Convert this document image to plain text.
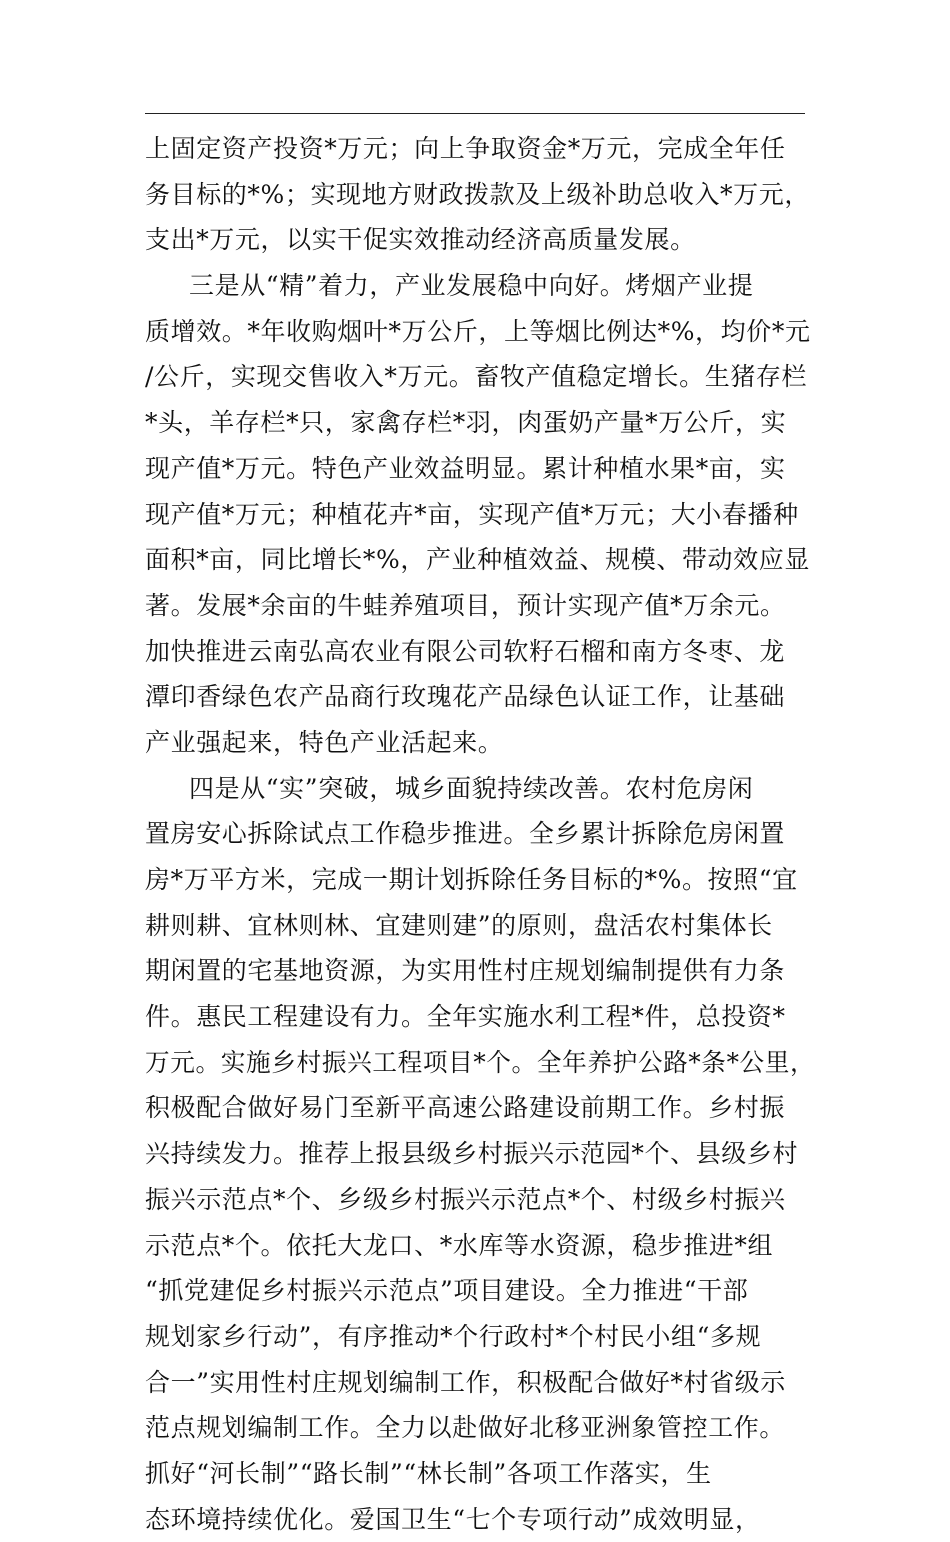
上固定资产投资*万元；向上争取资金*万元，完成全年任
务目标的*%；实现地方财政拨款及上级补助总收入*万元，
支出*万元，以实干促实效推动经济高质量发展。
三是从“精”着力，产业发展稳中向好。烤烟产业提
质增效。*年收购烟叶*万公斤，上等烟比例达*%，均价*元
/公斤，实现交售收入*万元。畜牧产值稳定增长。生猪存栏
*头，羊存栏*只，家禽存栏*羽，肉蛋奶产量*万公斤，实
现产值*万元。特色产业效益明显。累计种植水果*亩，实
现产值*万元；种植花卉*亩，实现产值*万元；大小春播种
面积*亩，同比增长*%，产业种植效益、规模、带动效应显
著。发展*余亩的牛蛙养殖项目，预计实现产值*万余元。
加快推进云南弘高农业有限公司软籽石榴和南方冬枣、龙
潭印香绿色农产品商行玫瑰花产品绿色认证工作，让基础
产业强起来，特色产业活起来。
四是从“实”突破，城乡面貌持续改善。农村危房闲
置房安心拆除试点工作稳步推进。全乡累计拆除危房闲置
房*万平方米，完成一期计划拆除任务目标的*%。按照“宜
耕则耕、宜林则林、宜建则建”的原则，盘活农村集体长
期闲置的宅基地资源，为实用性村庄规划编制提供有力条
件。惠民工程建设有力。全年实施水利工程*件，总投资*
万元。实施乡村振兴工程项目*个。全年养护公路*条*公里，
积极配合做好易门至新平高速公路建设前期工作。乡村振
兴持续发力。推荐上报县级乡村振兴示范园*个、县级乡村
振兴示范点*个、乡级乡村振兴示范点*个、村级乡村振兴
示范点*个。依托大龙口、*水库等水资源，稳步推进*组
“抓党建促乡村振兴示范点”项目建设。全力推进“干部
规划家乡行动”，有序推动*个行政村*个村民小组“多规
合一”实用性村庄规划编制工作，积极配合做好*村省级示
范点规划编制工作。全力以赴做好北移亚洲象管控工作。
抓好“河长制”“路长制”“林长制”各项工作落实，生
态环境持续优化。爱国卫生“七个专项行动”成效明显，
